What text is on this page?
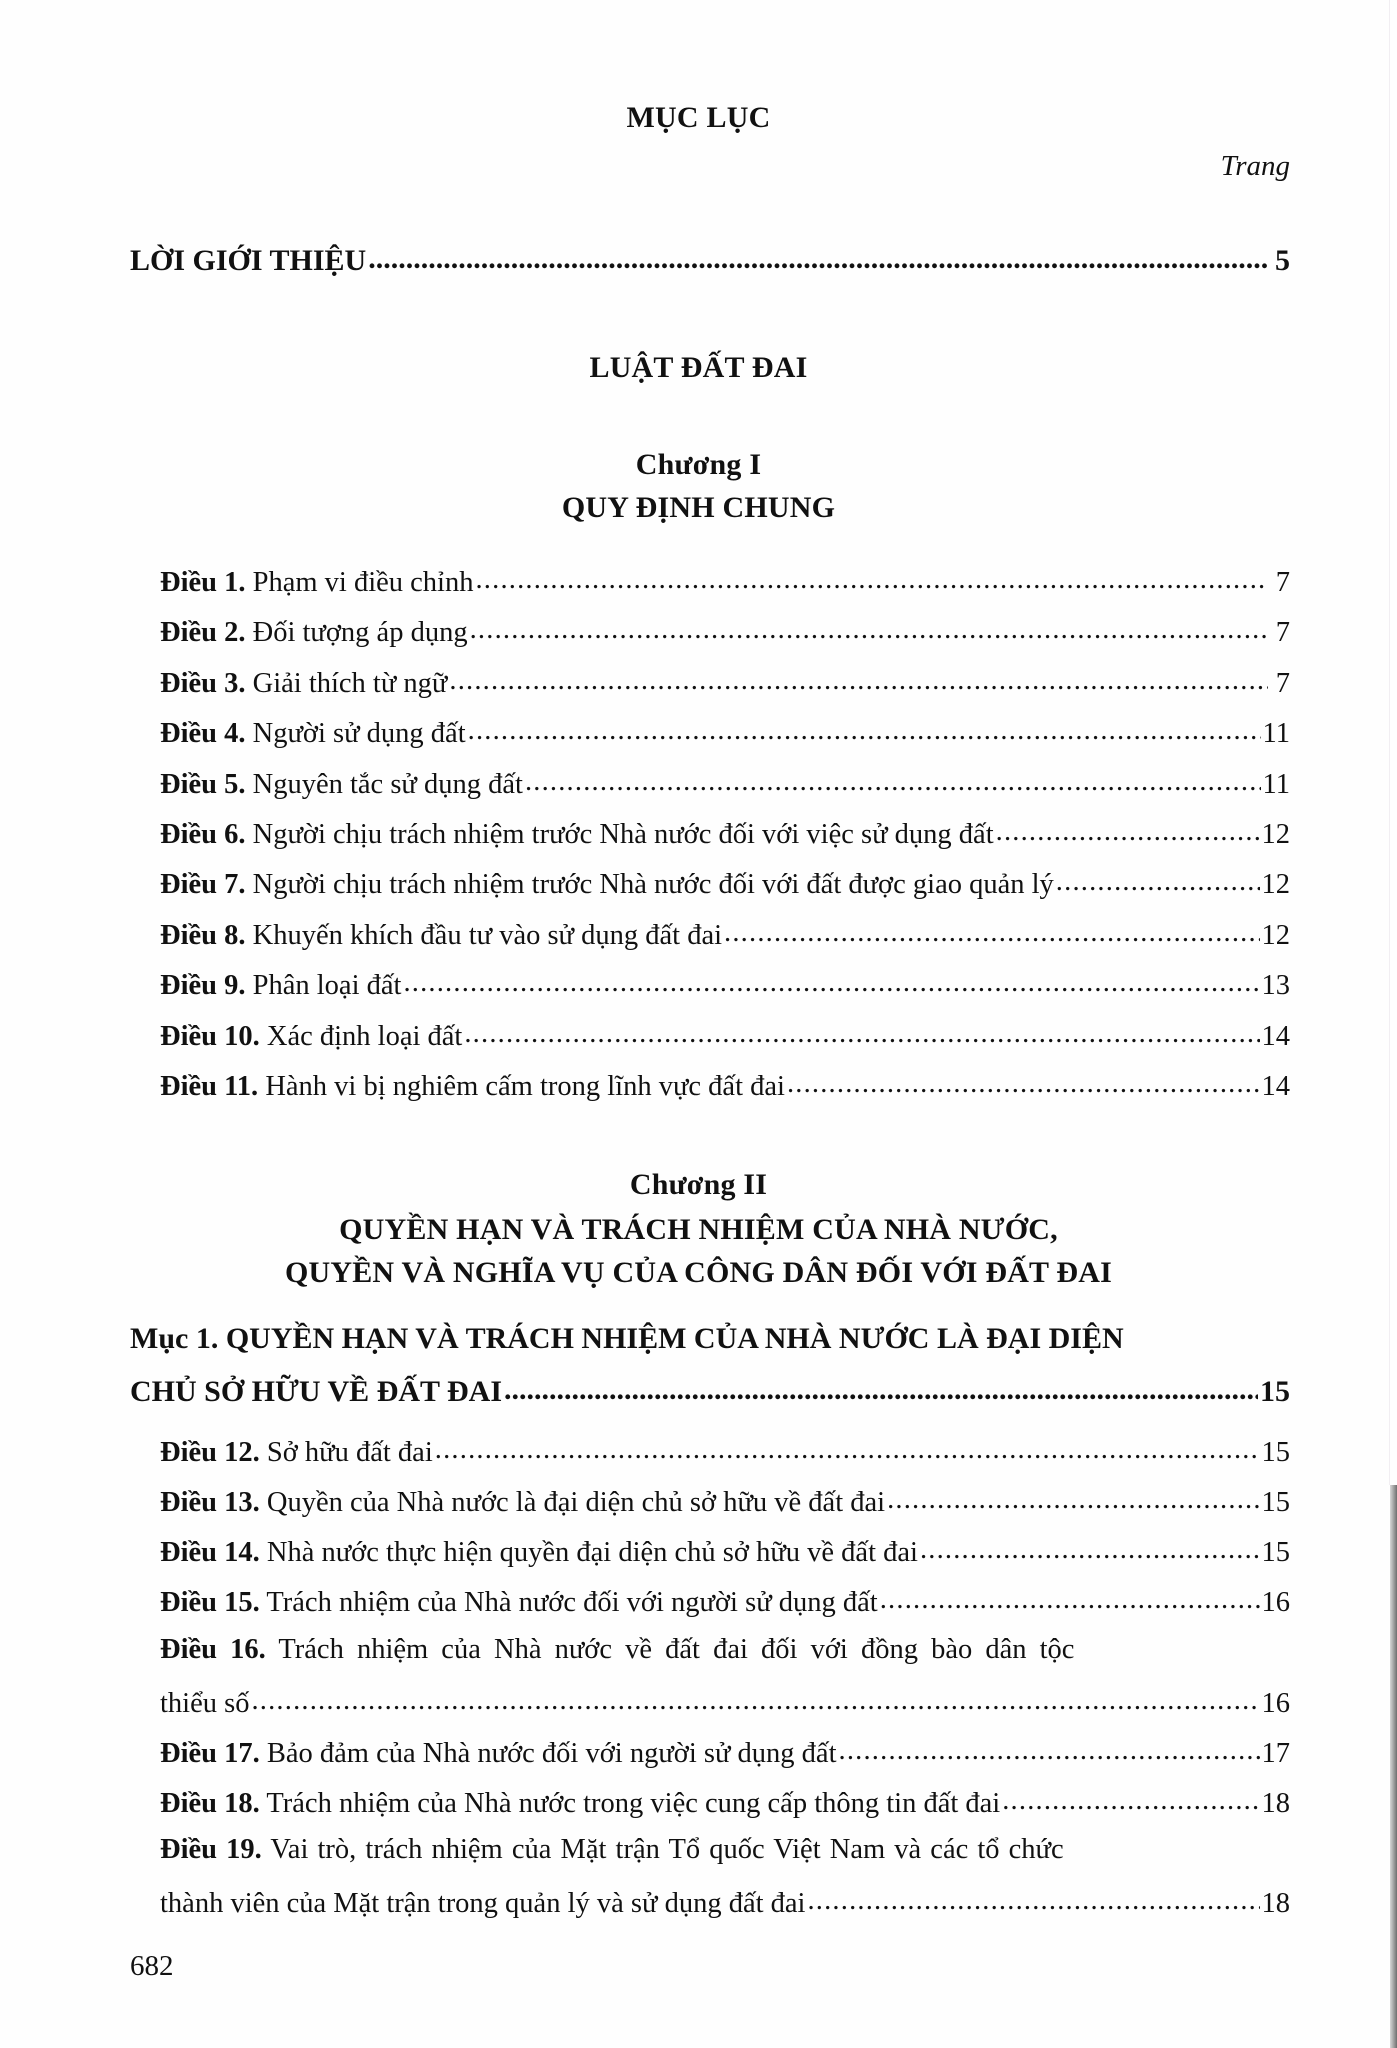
MỤC LỤC
Trang
LỜI GIỚI THIỆU .....	5
LUẬT ĐẤT ĐAI
Chương I
QUY ĐỊNH CHUNG
Điều 1. Phạm vi điều chỉnh .....	7
Điều 2. Đối tượng áp dụng .....	7
Điều 3. Giải thích từ ngữ .....	7
Điều 4. Người sử dụng đất .....	11
Điều 5. Nguyên tắc sử dụng đất .....	11
Điều 6. Người chịu trách nhiệm trước Nhà nước đối với việc sử dụng đất .....	12
Điều 7. Người chịu trách nhiệm trước Nhà nước đối với đất được giao quản lý .....	12
Điều 8. Khuyến khích đầu tư vào sử dụng đất đai .....	12
Điều 9. Phân loại đất .....	13
Điều 10. Xác định loại đất .....	14
Điều 11. Hành vi bị nghiêm cấm trong lĩnh vực đất đai .....	14
Chương II
QUYỀN HẠN VÀ TRÁCH NHIỆM CỦA NHÀ NƯỚC,
QUYỀN VÀ NGHĨA VỤ CỦA CÔNG DÂN ĐỐI VỚI ĐẤT ĐAI
Mục 1. QUYỀN HẠN VÀ TRÁCH NHIỆM CỦA NHÀ NƯỚC LÀ ĐẠI DIỆN
CHỦ SỞ HỮU VỀ ĐẤT ĐAI .....	15
Điều 12. Sở hữu đất đai .....	15
Điều 13. Quyền của Nhà nước là đại diện chủ sở hữu về đất đai .....	15
Điều 14. Nhà nước thực hiện quyền đại diện chủ sở hữu về đất đai .....	15
Điều 15. Trách nhiệm của Nhà nước đối với người sử dụng đất .....	16
Điều 16. Trách nhiệm của Nhà nước về đất đai đối với đồng bào dân tộc
thiểu số .....	16
Điều 17. Bảo đảm của Nhà nước đối với người sử dụng đất .....	17
Điều 18. Trách nhiệm của Nhà nước trong việc cung cấp thông tin đất đai .....	18
Điều 19. Vai trò, trách nhiệm của Mặt trận Tổ quốc Việt Nam và các tổ chức
thành viên của Mặt trận trong quản lý và sử dụng đất đai .....	18
682
